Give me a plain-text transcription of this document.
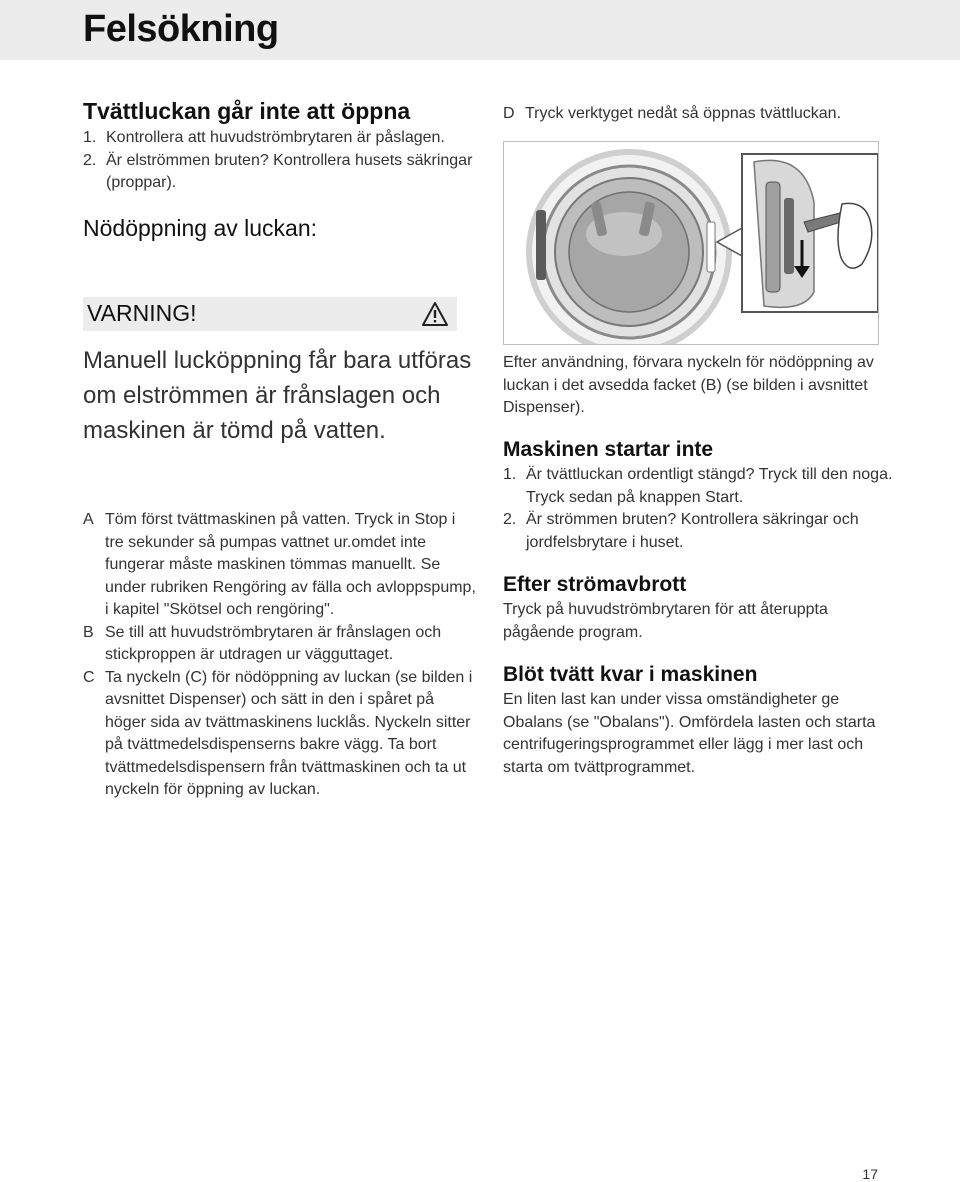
Felsökning
Tvättluckan går inte att öppna
1. Kontrollera att huvudströmbrytaren är påslagen.
2. Är elströmmen bruten? Kontrollera husets säkringar (proppar).
Nödöppning av luckan:
VARNING!

Manuell lucköppning får bara utföras om elströmmen är frånslagen och maskinen är tömd på vatten.

A Töm först tvättmaskinen på vatten. Tryck in Stop i tre sekunder så pumpas vattnet ur.omdet inte fungerar måste maskinen tömmas manuellt. Se under rubriken Rengöring av fälla och avloppspump, i kapitel "Skötsel och rengöring".
B Se till att huvudströmbrytaren är frånslagen och stickproppen är utdragen ur vägguttaget.
C Ta nyckeln (C) för nödöppning av luckan (se bilden i avsnittet Dispenser) och sätt in den i spåret på höger sida av tvättmaskinens lucklås. Nyckeln sitter på tvättmedelsdispenserns bakre vägg. Ta bort tvättmedelsdispensern från tvättmaskinen och ta ut nyckeln för öppning av luckan.
D Tryck verktyget nedåt så öppnas tvättluckan.

Efter användning, förvara nyckeln för nödöppning av luckan i det avsedda facket (B) (se bilden i avsnittet Dispenser).

Maskinen startar inte
1. Är tvättluckan ordentligt stängd? Tryck till den noga. Tryck sedan på knappen Start.
2. Är strömmen bruten? Kontrollera säkringar och jordfelsbrytare i huset.
Efter strömavbrott

Tryck på huvudströmbrytaren för att återuppta pågående program.

Blöt tvätt kvar i maskinen

En liten last kan under vissa omständigheter ge Obalans (se "Obalans"). Omfördela lasten och starta centrifugeringsprogrammet eller lägg i mer last och starta om tvättprogrammet.

17
